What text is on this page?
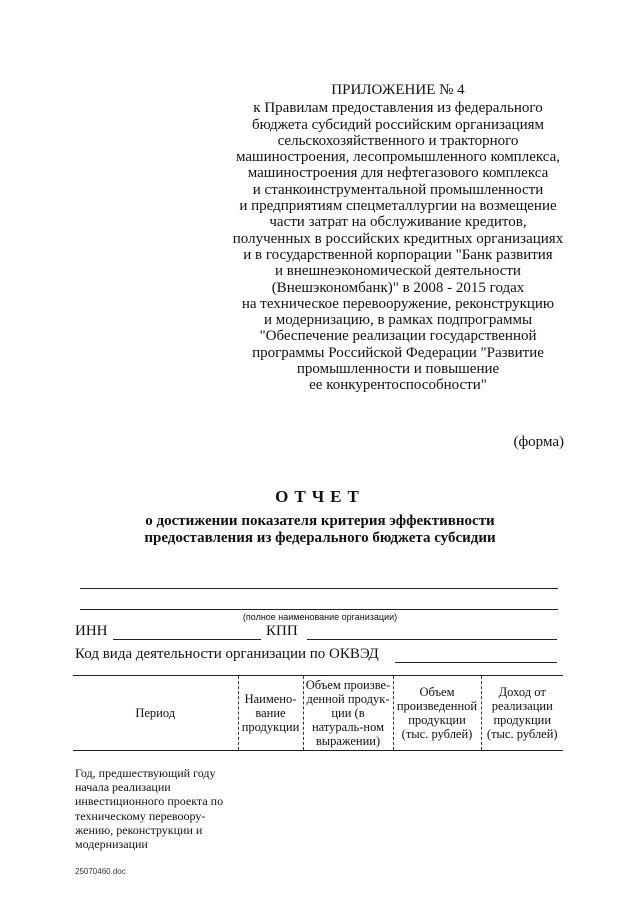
ПРИЛОЖЕНИЕ № 4
к Правилам предоставления из федерального
бюджета субсидий российским организациям
сельскохозяйственного и тракторного
машиностроения, лесопромышленного комплекса,
машиностроения для нефтегазового комплекса
и станкоинструментальной промышленности
и предприятиям спецметаллургии на возмещение
части затрат на обслуживание кредитов,
полученных в российских кредитных организациях
и в государственной корпорации "Банк развития
и внешнеэкономической деятельности
(Внешэкономбанк)" в 2008 - 2015 годах
на техническое перевооружение, реконструкцию
и модернизацию, в рамках подпрограммы
"Обеспечение реализации государственной
программы Российской Федерации "Развитие
промышленности и повышение
ее конкурентоспособности"
(форма)
ОТЧЕТ
о достижении показателя критерия эффективности
предоставления из федерального бюджета субсидии
(полное наименование организации)
ИНН	КПП
Код вида деятельности организации по ОКВЭД
Период	Наимено-вание продукции	Объем произве-денной продук-ции (в натураль-ном выражении)	Объем произведенной продукции (тыс. рублей)	Доход от реализации продукции (тыс. рублей)
Год, предшествующий году начала реализации инвестиционного проекта по техническому перевоору-жению, реконструкции и модернизации				
25070460.doc
